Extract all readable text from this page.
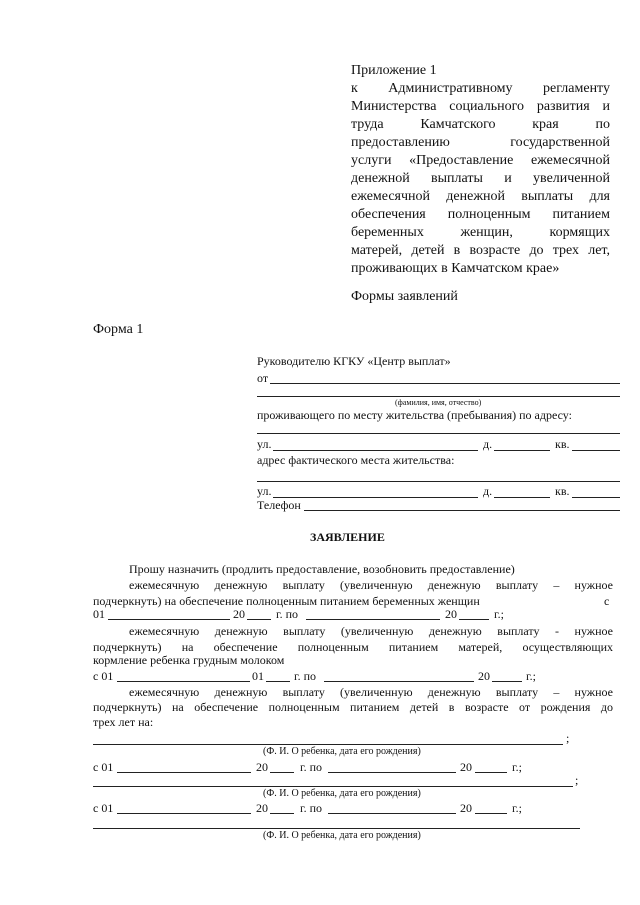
Приложение 1
к Административному регламенту
Министерства социального развития и
труда Камчатского края по
предоставлению государственной
услуги «Предоставление ежемесячной
денежной выплаты и увеличенной
ежемесячной денежной выплаты для
обеспечения полноценным питанием
беременных женщин, кормящих
матерей, детей в возрасте до трех лет,
проживающих в Камчатском крае»
Формы заявлений
Форма 1
Руководителю КГКУ «Центр выплат»
от
(фамилия, имя, отчество)
проживающего по месту жительства (пребывания) по адресу:
ул.	д.	кв.
адрес фактического места жительства:
ул.	д.	кв.
Телефон
ЗАЯВЛЕНИЕ
Прошу назначить (продлить предоставление, возобновить предоставление)
ежемесячную денежную выплату (увеличенную денежную выплату – нужное
подчеркнуть) на обеспечение полноценным питанием беременных женщин	с
01	20	г. по	20	г.;
ежемесячную денежную выплату (увеличенную денежную выплату - нужное
подчеркнуть) на обеспечение полноценным питанием матерей, осуществляющих
кормление ребенка грудным молоком
с 01	01	г. по	20	г.;
ежемесячную денежную выплату (увеличенную денежную выплату – нужное
подчеркнуть) на обеспечение полноценным питанием детей в возрасте от рождения до
трех лет на:
;
(Ф. И. О ребенка, дата его рождения)
с 01	20	г. по	20	г.;
;
(Ф. И. О ребенка, дата его рождения)
с 01	20	г. по	20	г.;
(Ф. И. О ребенка, дата его рождения)
